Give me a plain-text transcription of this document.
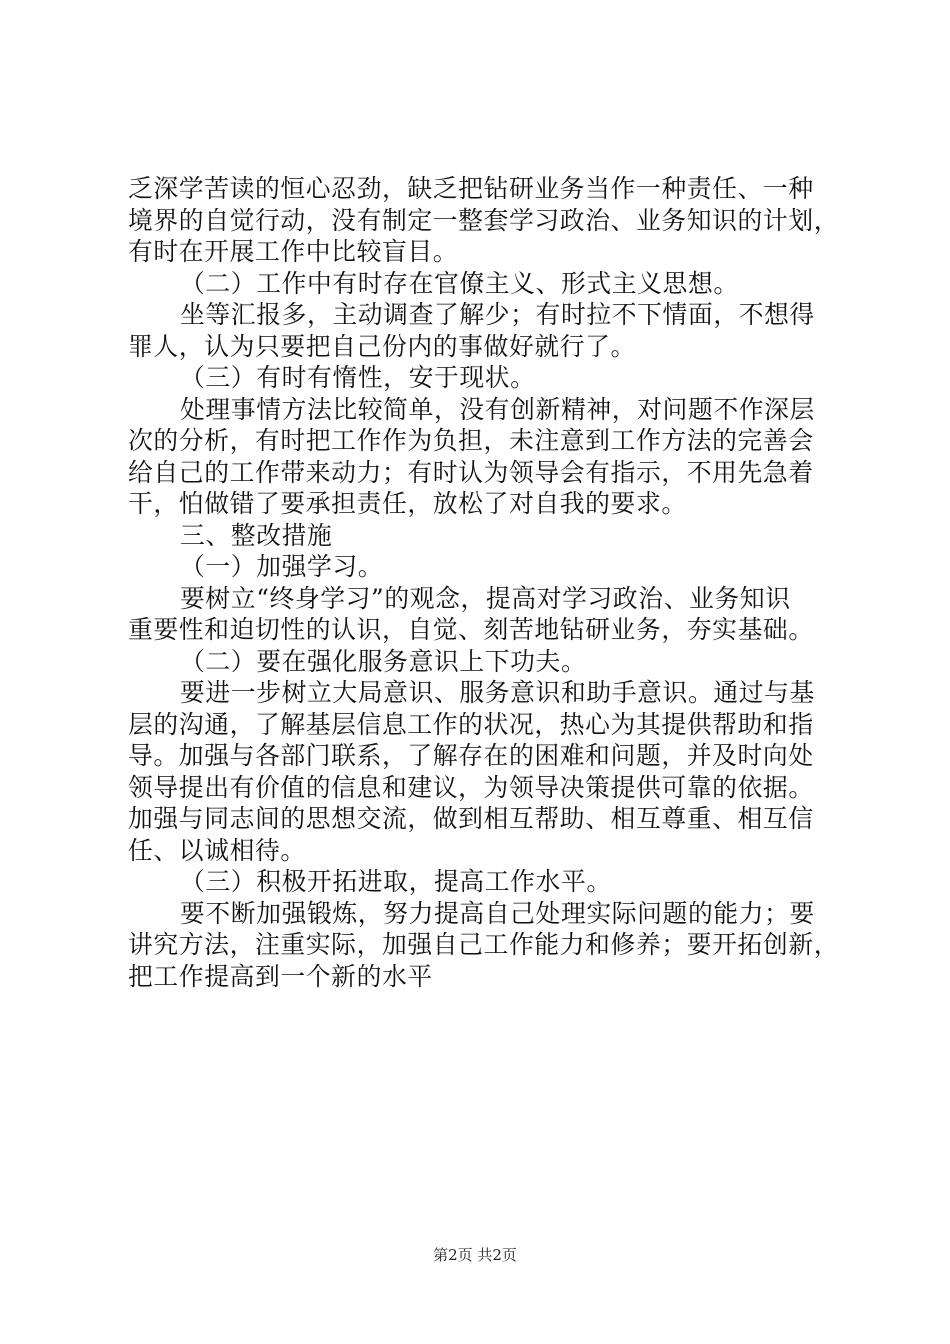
乏深学苦读的恒心忍劲，缺乏把钻研业务当作一种责任、一种
境界的自觉行动，没有制定一整套学习政治、业务知识的计划，
有时在开展工作中比较盲目。
（二）工作中有时存在官僚主义、形式主义思想。
坐等汇报多，主动调查了解少；有时拉不下情面，不想得
罪人，认为只要把自己份内的事做好就行了。
（三）有时有惰性，安于现状。
处理事情方法比较简单，没有创新精神，对问题不作深层
次的分析，有时把工作作为负担，未注意到工作方法的完善会
给自己的工作带来动力；有时认为领导会有指示，不用先急着
干，怕做错了要承担责任，放松了对自我的要求。
三、整改措施
（一）加强学习。
要树立“终身学习”的观念，提高对学习政治、业务知识
重要性和迫切性的认识，自觉、刻苦地钻研业务，夯实基础。
（二）要在强化服务意识上下功夫。
要进一步树立大局意识、服务意识和助手意识。通过与基
层的沟通，了解基层信息工作的状况，热心为其提供帮助和指
导。加强与各部门联系，了解存在的困难和问题，并及时向处
领导提出有价值的信息和建议，为领导决策提供可靠的依据。
加强与同志间的思想交流，做到相互帮助、相互尊重、相互信
任、以诚相待。
（三）积极开拓进取，提高工作水平。
要不断加强锻炼，努力提高自己处理实际问题的能力；要
讲究方法，注重实际，加强自己工作能力和修养；要开拓创新，
把工作提高到一个新的水平
第2页 共2页
